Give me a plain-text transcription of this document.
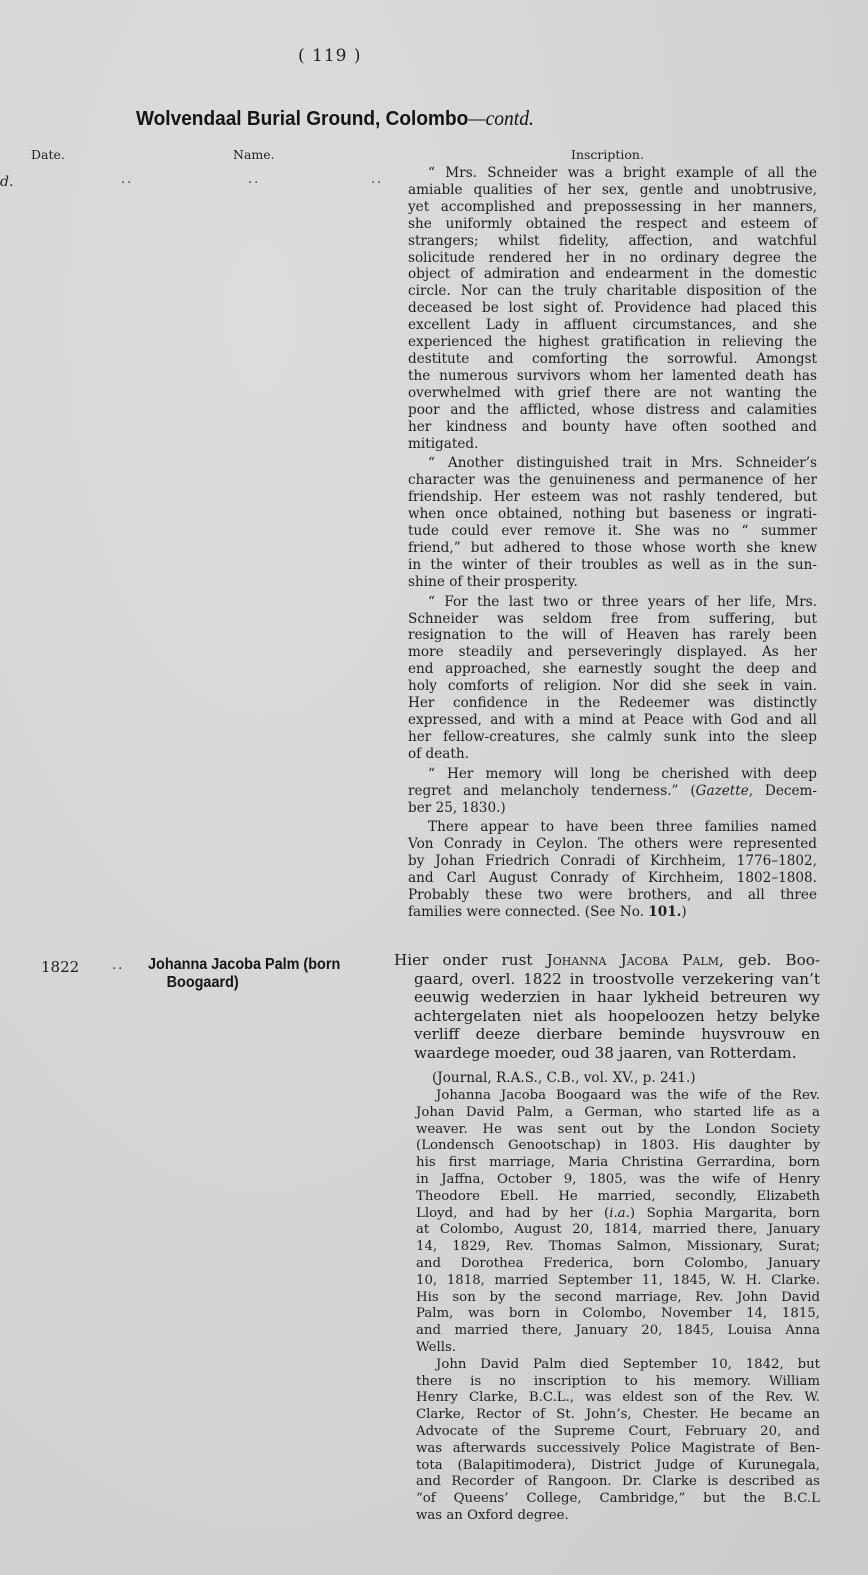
( 119 )
Wolvendaal Burial Ground, Colombo—contd.
Date.	Name.	Inscription.
d.	..	..	..	“ Mrs. Schneider was a bright example of all the
amiable qualities of her sex, gentle and unobtrusive,
yet accomplished and prepossessing in her manners,
she uniformly obtained the respect and esteem of
strangers; whilst fidelity, affection, and watchful
solicitude rendered her in no ordinary degree the
object of admiration and endearment in the domestic
circle. Nor can the truly charitable disposition of the
deceased be lost sight of. Providence had placed this
excellent Lady in affluent circumstances, and she
experienced the highest gratification in relieving the
destitute and comforting the sorrowful. Amongst
the numerous survivors whom her lamented death has
overwhelmed with grief there are not wanting the
poor and the afflicted, whose distress and calamities
her kindness and bounty have often soothed and
mitigated.
“ Another distinguished trait in Mrs. Schneider’s
character was the genuineness and permanence of her
friendship. Her esteem was not rashly tendered, but
when once obtained, nothing but baseness or ingrati-
tude could ever remove it. She was no “ summer
friend,” but adhered to those whose worth she knew
in the winter of their troubles as well as in the sun-
shine of their prosperity.
“ For the last two or three years of her life, Mrs.
Schneider was seldom free from suffering, but
resignation to the will of Heaven has rarely been
more steadily and perseveringly displayed. As her
end approached, she earnestly sought the deep and
holy comforts of religion. Nor did she seek in vain.
Her confidence in the Redeemer was distinctly
expressed, and with a mind at Peace with God and all
her fellow-creatures, she calmly sunk into the sleep
of death.
“ Her memory will long be cherished with deep
regret and melancholy tenderness.” (Gazette, Decem-
ber 25, 1830.)
There appear to have been three families named
Von Conrady in Ceylon. The others were represented
by Johan Friedrich Conradi of Kirchheim, 1776–1802,
and Carl August Conrady of Kirchheim, 1802–1808.
Probably these two were brothers, and all three
families were connected. (See No. 101.)
1822	.. Johanna Jacoba Palm (born
Boogaard)
Hier onder rust Johanna Jacoba Palm, geb. Boo-
gaard, overl. 1822 in troostvolle verzekering van’t
eeuwig wederzien in haar lykheid betreuren wy
achtergelaten niet als hoopeloozen hetzy belyke
verliff deeze dierbare beminde huysvrouw en
waardege moeder, oud 38 jaaren, van Rotterdam.
(Journal, R.A.S., C.B., vol. XV., p. 241.)
Johanna Jacoba Boogaard was the wife of the Rev.
Johan David Palm, a German, who started life as a
weaver. He was sent out by the London Society
(Londensch Genootschap) in 1803. His daughter by
his first marriage, Maria Christina Gerrardina, born
in Jaffna, October 9, 1805, was the wife of Henry
Theodore Ebell. He married, secondly, Elizabeth
Lloyd, and had by her (i.a.) Sophia Margarita, born
at Colombo, August 20, 1814, married there, January
14, 1829, Rev. Thomas Salmon, Missionary, Surat;
and Dorothea Frederica, born Colombo, January
10, 1818, married September 11, 1845, W. H. Clarke.
His son by the second marriage, Rev. John David
Palm, was born in Colombo, November 14, 1815,
and married there, January 20, 1845, Louisa Anna
Wells.
John David Palm died September 10, 1842, but
there is no inscription to his memory. William
Henry Clarke, B.C.L., was eldest son of the Rev. W.
Clarke, Rector of St. John’s, Chester. He became an
Advocate of the Supreme Court, February 20, and
was afterwards successively Police Magistrate of Ben-
tota (Balapitimodera), District Judge of Kurunegala,
and Recorder of Rangoon. Dr. Clarke is described as
“of Queens’ College, Cambridge,” but the B.C.L
was an Oxford degree.
